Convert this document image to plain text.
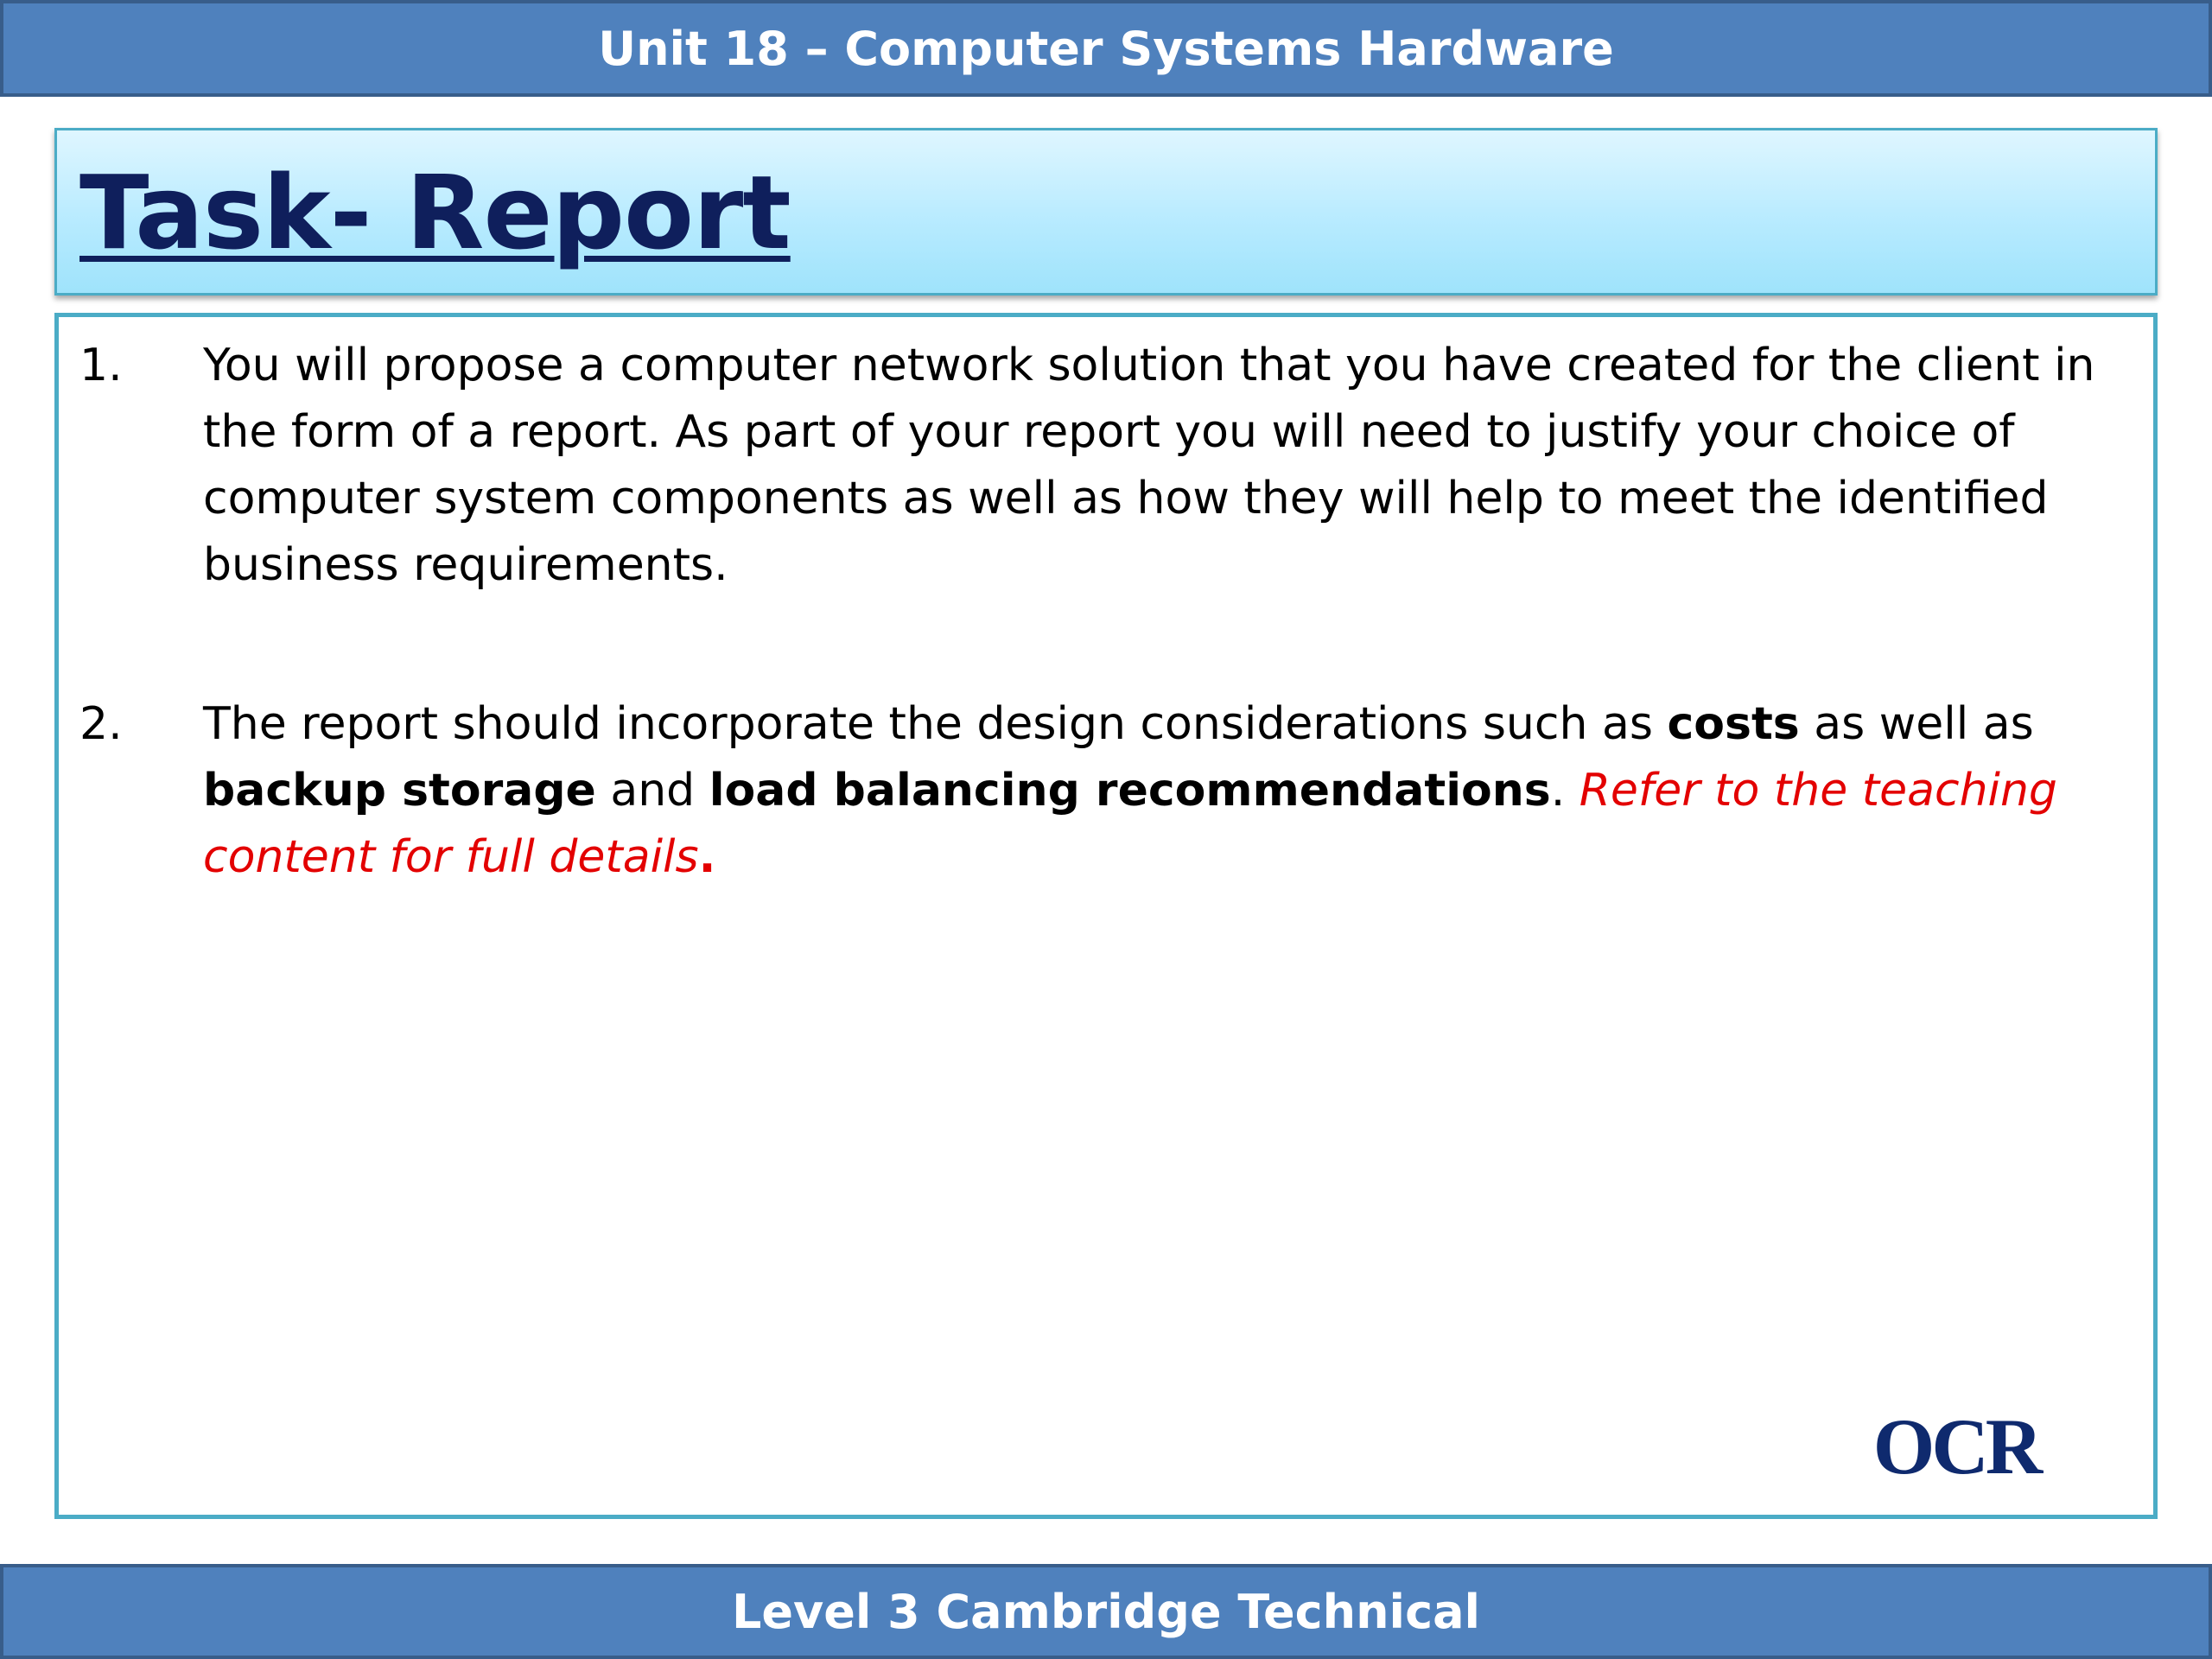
Unit 18 – Computer Systems Hardware
Task- Report
1. You will propose a computer network solution that you have created for the client in the form of a report. As part of your report you will need to justify your choice of computer system components as well as how they will help to meet the identified business requirements.
2. The report should incorporate the design considerations such as costs as well as backup storage and load balancing recommendations. Refer to the teaching content for full details.
OCR
Level 3 Cambridge Technical
